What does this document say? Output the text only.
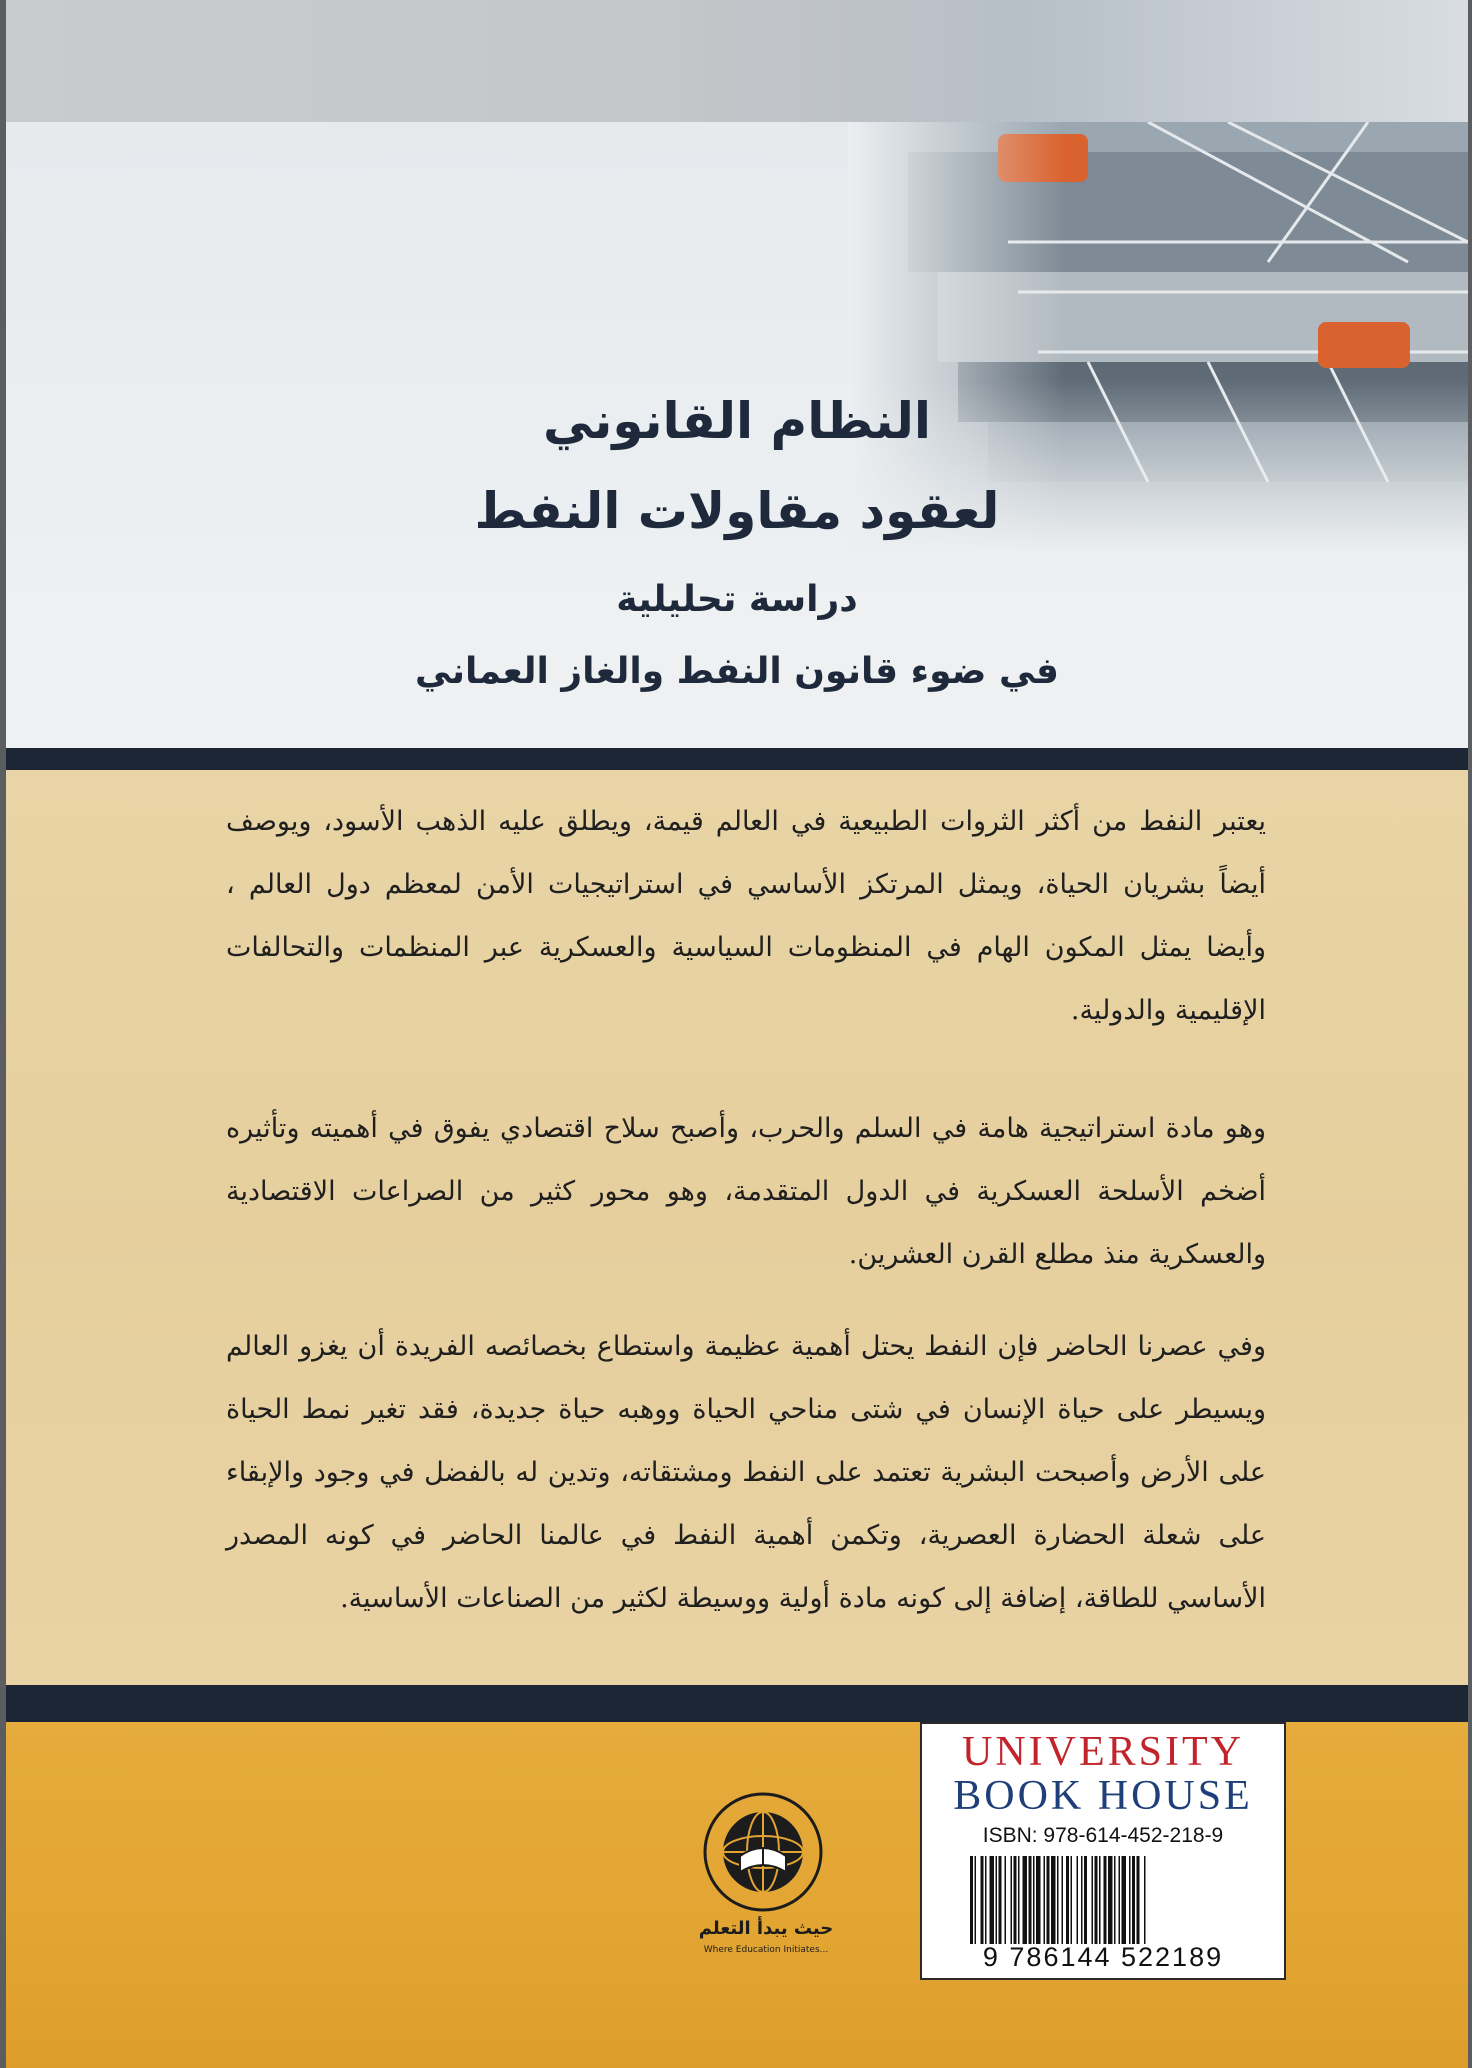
النظام القانوني
لعقود مقاولات النفط
دراسة تحليلية
في ضوء قانون النفط والغاز العماني
يعتبر النفط من أكثر الثروات الطبيعية في العالم قيمة، ويطلق عليه الذهب الأسود، ويوصف أيضاً بشريان الحياة، ويمثل المرتكز الأساسي في استراتيجيات الأمن لمعظم دول العالم ، وأيضا يمثل المكون الهام في المنظومات السياسية والعسكرية عبر المنظمات والتحالفات الإقليمية والدولية.
وهو مادة استراتيجية هامة في السلم والحرب، وأصبح سلاح اقتصادي يفوق في أهميته وتأثيره أضخم الأسلحة العسكرية في الدول المتقدمة، وهو محور كثير من الصراعات الاقتصادية والعسكرية منذ مطلع القرن العشرين.
وفي عصرنا الحاضر فإن النفط يحتل أهمية عظيمة واستطاع بخصائصه الفريدة أن يغزو العالم ويسيطر على حياة الإنسان في شتى مناحي الحياة ووهبه حياة جديدة، فقد تغير نمط الحياة على الأرض وأصبحت البشرية تعتمد على النفط ومشتقاته، وتدين له بالفضل في وجود والإبقاء على شعلة الحضارة العصرية، وتكمن أهمية النفط في عالمنا الحاضر في كونه المصدر الأساسي للطاقة، إضافة إلى كونه مادة أولية ووسيطة لكثير من الصناعات الأساسية.
حيث يبدأ التعلم
Where Education Initiates...
UNIVERSITY
BOOK HOUSE
ISBN: 978-614-452-218-9
9 786144 522189
